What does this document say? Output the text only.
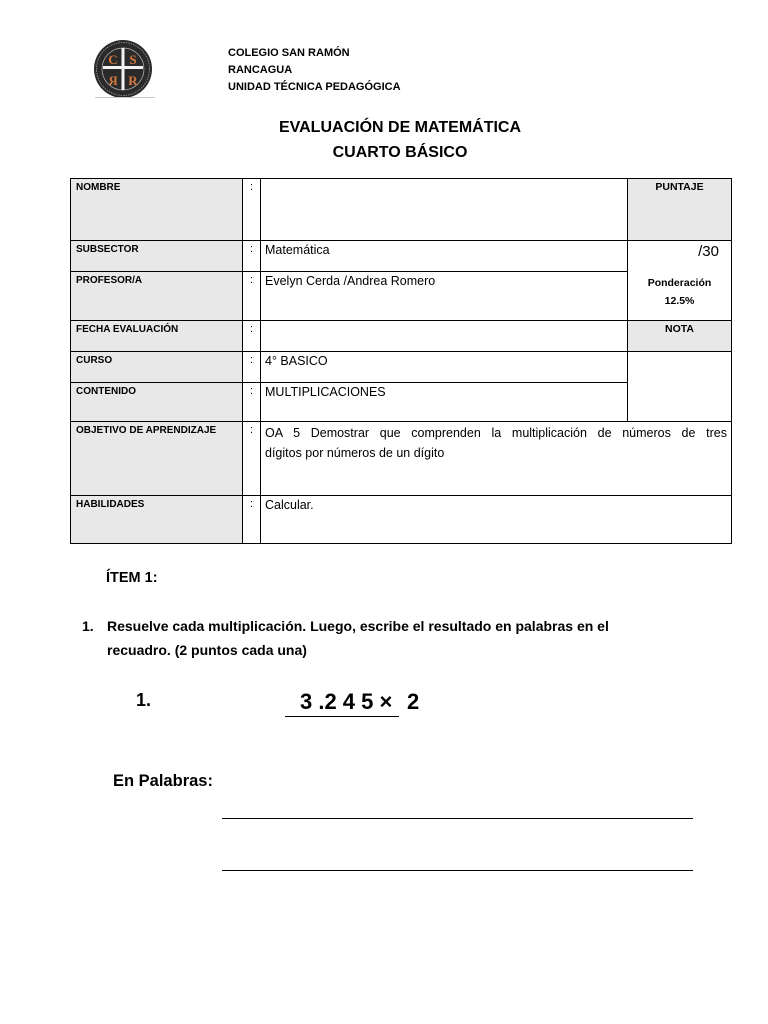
C S
R R
COLEGIO SAN RAMÓN
RANCAGUA
UNIDAD TÉCNICA PEDAGÓGICA
EVALUACIÓN DE MATEMÁTICA
CUARTO BÁSICO
NOMBRE	:		PUNTAJE
SUBSECTOR	:	Matemática	/30
Ponderación
12.5%

PROFESOR/A	:	Evelyn Cerda /Andrea Romero	
FECHA EVALUACIÓN	:		NOTA
CURSO	:	4° BASICO	
CONTENIDO	:	MULTIPLICACIONES	
OBJETIVO DE APRENDIZAJE	:	OA 5 Demostrar que comprenden la multiplicación de números de tres
dígitos por números de un dígito	

HABILIDADES	:	Calcular.	
ÍTEM 1:
1. Resuelve cada multiplicación. Luego, escribe el resultado en palabras en el
recuadro. (2 puntos cada una)
1.	3 .2 4 5 × 2
En Palabras:
